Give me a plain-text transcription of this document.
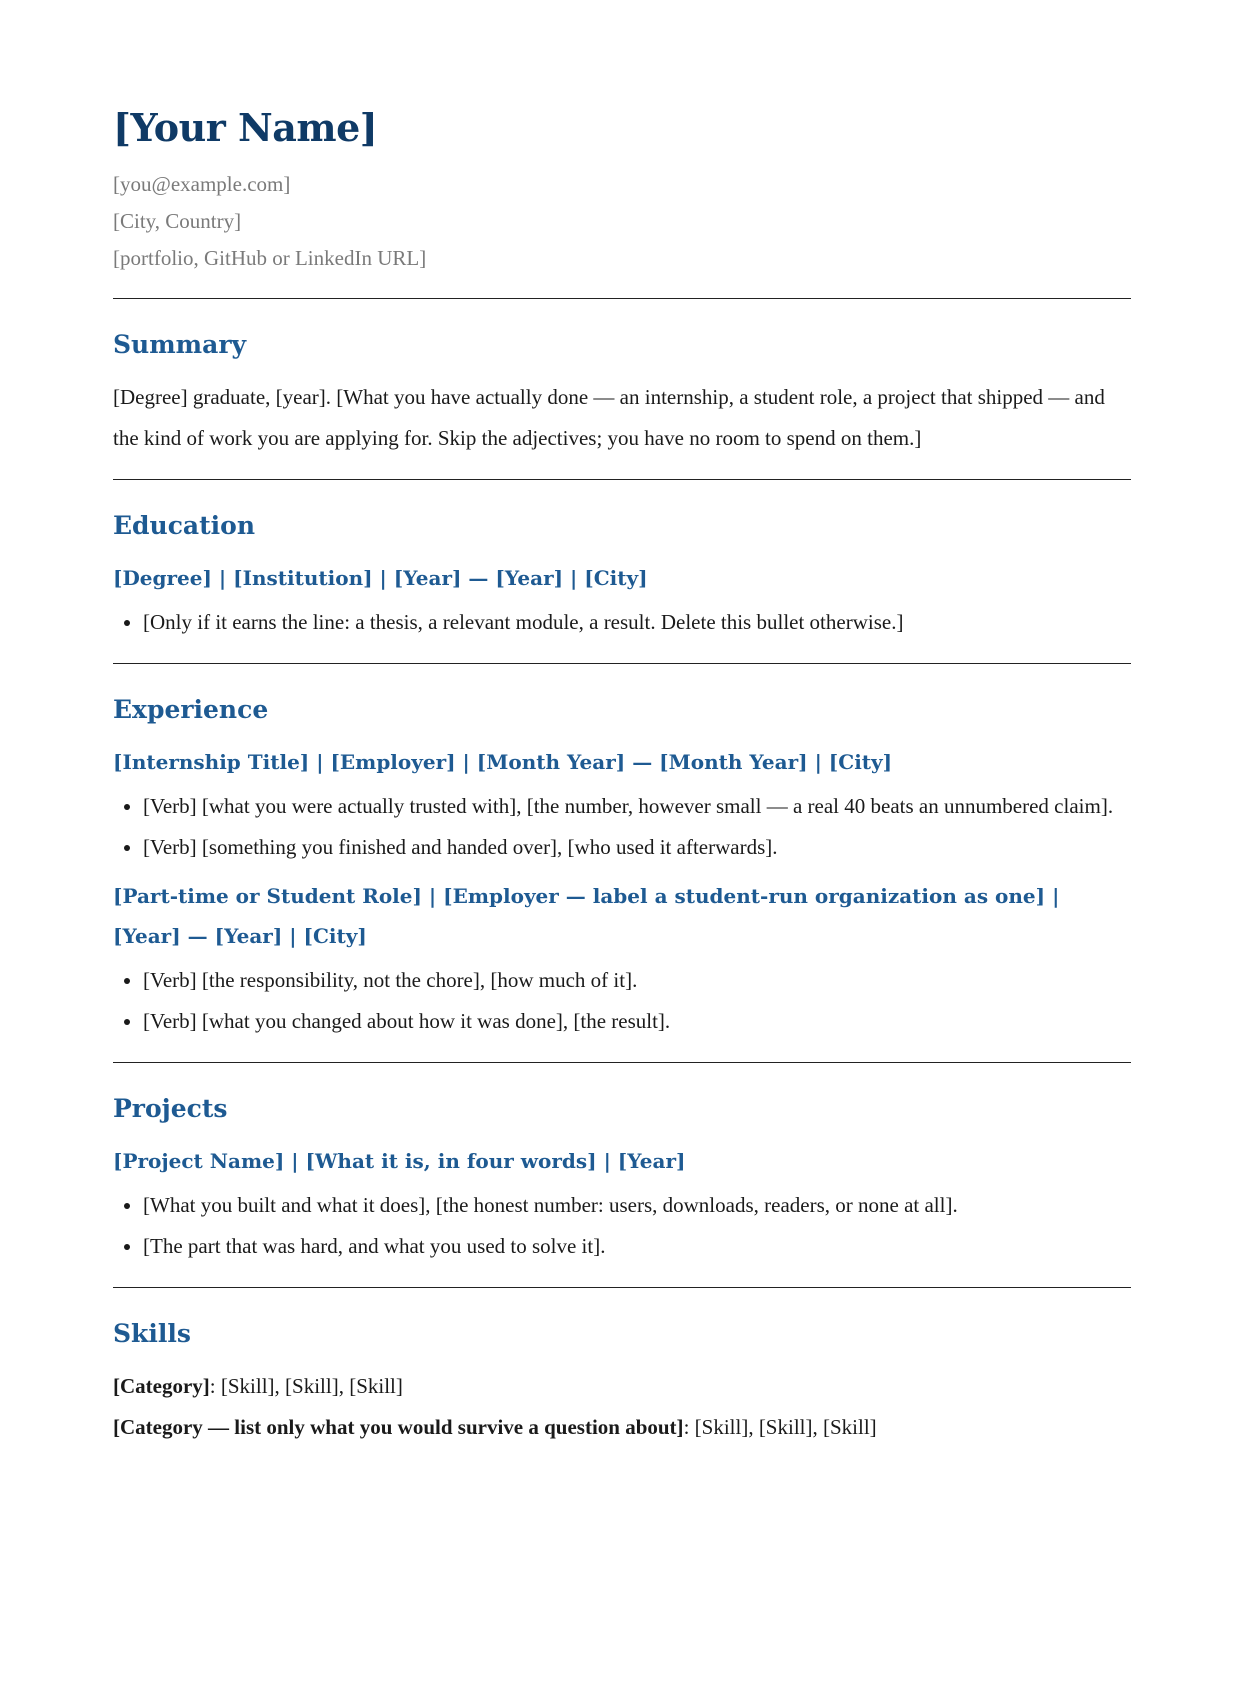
[Your Name]
[you@example.com]
[City, Country]
[portfolio, GitHub or LinkedIn URL]
Summary

[Degree] graduate, [year]. [What you have actually done — an internship, a student role, a project that shipped — and the kind of work you are applying for. Skip the adjectives; you have no room to spend on them.]

Education
[Degree] | [Institution] | [Year] — [Year] | [City]
• [Only if it earns the line: a thesis, a relevant module, a result. Delete this bullet otherwise.]
Experience
[Internship Title] | [Employer] | [Month Year] — [Month Year] | [City]
• [Verb] [what you were actually trusted with], [the number, however small — a real 40 beats an unnumbered claim].
• [Verb] [something you finished and handed over], [who used it afterwards].
[Part-time or Student Role] | [Employer — label a student-run organization as one] | [Year] — [Year] | [City]
• [Verb] [the responsibility, not the chore], [how much of it].
• [Verb] [what you changed about how it was done], [the result].
Projects
[Project Name] | [What it is, in four words] | [Year]
• [What you built and what it does], [the honest number: users, downloads, readers, or none at all].
• [The part that was hard, and what you used to solve it].
Skills

[Category]: [Skill], [Skill], [Skill]

[Category — list only what you would survive a question about]: [Skill], [Skill], [Skill]
